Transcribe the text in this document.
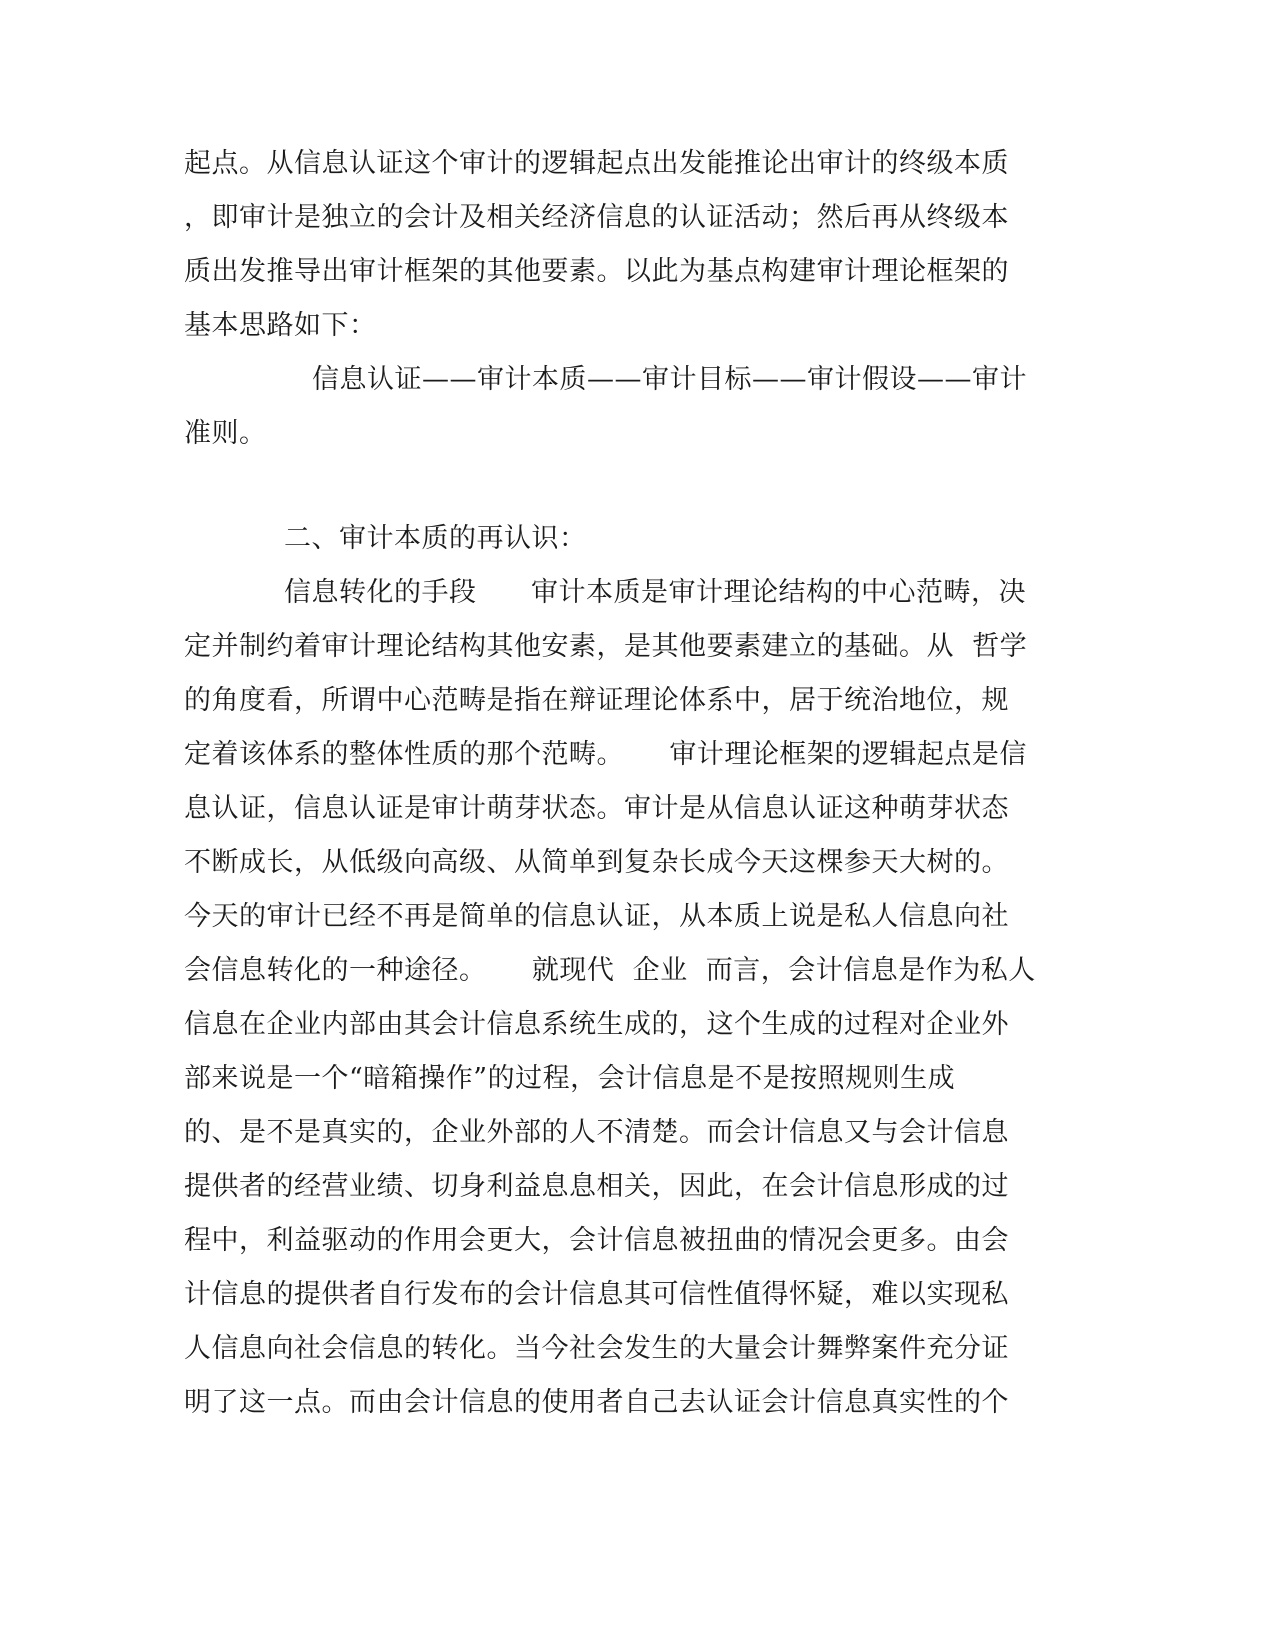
起点。从信息认证这个审计的逻辑起点出发能推论出审计的终级本质
，即审计是独立的会计及相关经济信息的认证活动；然后再从终级本
质出发推导出审计框架的其他要素。以此为基点构建审计理论框架的
基本思路如下：
信息认证——审计本质——审计目标——审计假设——审计
准则。
二、审计本质的再认识：
信息转化的手段      审计本质是审计理论结构的中心范畴，决
定并制约着审计理论结构其他安素，是其他要素建立的基础。从  哲学
的角度看，所谓中心范畴是指在辩证理论体系中，居于统治地位，规
定着该体系的整体性质的那个范畴。     审计理论框架的逻辑起点是信
息认证，信息认证是审计萌芽状态。审计是从信息认证这种萌芽状态
不断成长，从低级向高级、从简单到复杂长成今天这棵参天大树的。
今天的审计已经不再是简单的信息认证，从本质上说是私人信息向社
会信息转化的一种途径。     就现代  企业  而言，会计信息是作为私人
信息在企业内部由其会计信息系统生成的，这个生成的过程对企业外
部来说是一个“暗箱操作”的过程，会计信息是不是按照规则生成
的、是不是真实的，企业外部的人不清楚。而会计信息又与会计信息
提供者的经营业绩、切身利益息息相关，因此，在会计信息形成的过
程中，利益驱动的作用会更大，会计信息被扭曲的情况会更多。由会
计信息的提供者自行发布的会计信息其可信性值得怀疑，难以实现私
人信息向社会信息的转化。当今社会发生的大量会计舞弊案件充分证
明了这一点。而由会计信息的使用者自己去认证会计信息真实性的个
